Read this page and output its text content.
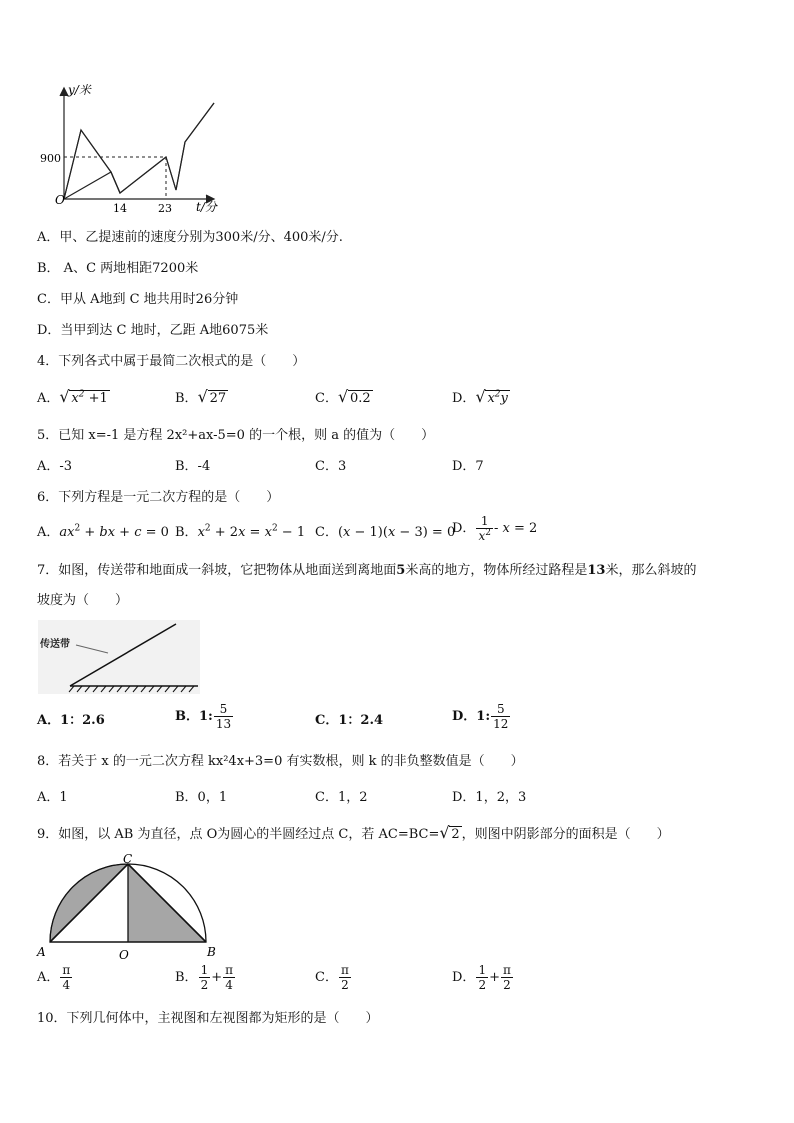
y/米
t/分
O
900
14	23
A．甲、乙提速前的速度分别为300米/分、400米/分.
B． A、C 两地相距7200米
C．甲从 A地到 C 地共用时26分钟
D．当甲到达 C 地时，乙距 A地6075米
4．下列各式中属于最简二次根式的是（　　）
A． √ $x^2 +1$	B． √ 27	C． √ 0.2	D． √ $x^2y$
5．已知 x=-1 是方程 2x²+ax-5=0 的一个根，则 a 的值为（　　）
A．-3	B．-4	C．3	D．7
6．下列方程是一元二次方程的是（　　）
A．$ax^2$ + bx + c = 0 B．$x^2 + 2x = x^2 - 1$ C．(x − 1)(x − 3) = 0
D． $\frac{1}{x^2} - x = 2$
7．如图，传送带和地面成一斜坡，它把物体从地面送到离地面5米高的地方，物体所经过路程是13米，那么斜坡的
坡度为（　　）
传送带
A．1：2.6	B．1: $\frac{5}{13}$	C．1：2.4	D．1: $\frac{5}{12}$
8．若关于 x 的一元二次方程 kx²4x+3=0 有实数根，则 k 的非负整数值是（　　）
A．1	B．0，1	C．1，2	D．1，2，3
9．如图，以 AB 为直径，点 O为圆心的半圆经过点 C，若 AC=BC= √ 2 ，则图中阴影部分的面积是（　　）
C
A	B
O
A． $\frac{\pi}{4}$	B． $\frac{1}{2} + \frac{\pi}{4}$	C． $\frac{\pi}{2}$	D． $\frac{1}{2} + \frac{\pi}{2}$
10．下列几何体中，主视图和左视图都为矩形的是（　　）
